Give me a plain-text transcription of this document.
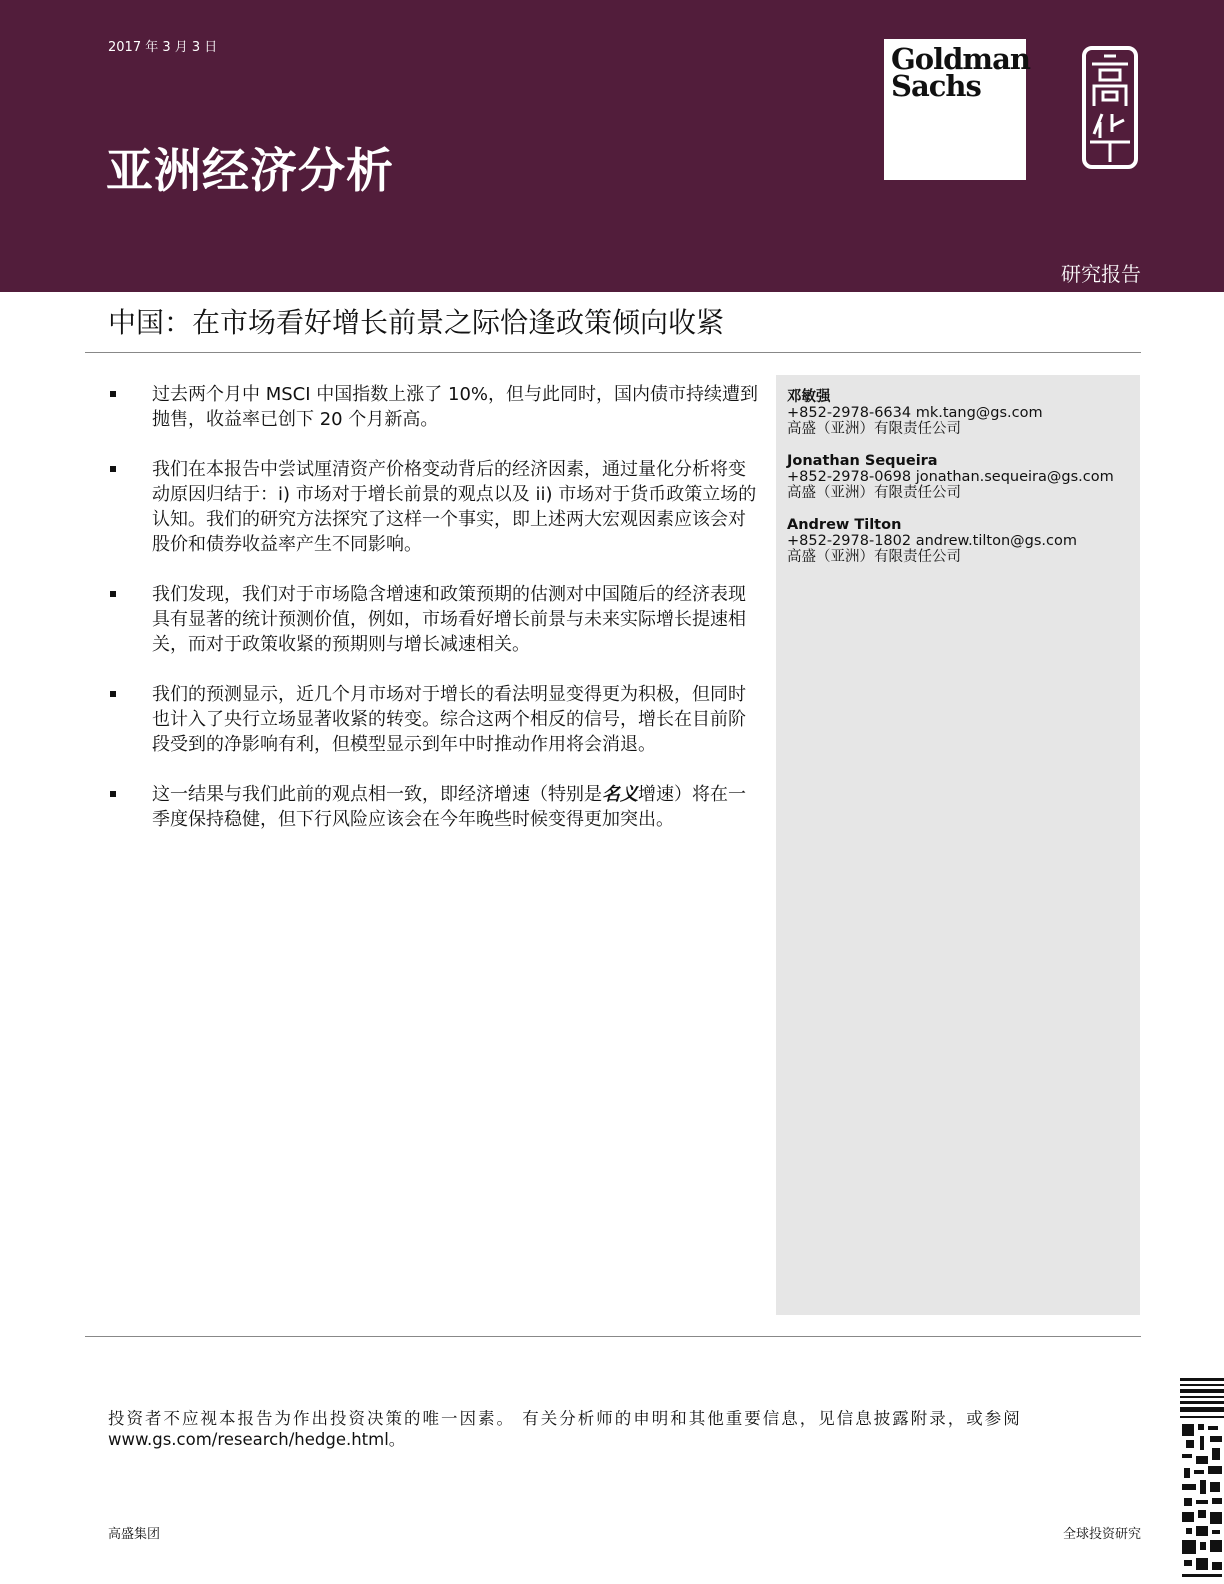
2017 年 3 月 3 日
亚洲经济分析
Goldman
Sachs
研究报告
中国：在市场看好增长前景之际恰逢政策倾向收紧
过去两个月中 MSCI 中国指数上涨了 10%，但与此同时，国内债市持续遭到抛售，收益率已创下 20 个月新高。
我们在本报告中尝试厘清资产价格变动背后的经济因素，通过量化分析将变动原因归结于：i) 市场对于增长前景的观点以及 ii) 市场对于货币政策立场的认知。我们的研究方法探究了这样一个事实，即上述两大宏观因素应该会对股价和债券收益率产生不同影响。
我们发现，我们对于市场隐含增速和政策预期的估测对中国随后的经济表现具有显著的统计预测价值，例如，市场看好增长前景与未来实际增长提速相关，而对于政策收紧的预期则与增长减速相关。
我们的预测显示，近几个月市场对于增长的看法明显变得更为积极，但同时也计入了央行立场显著收紧的转变。综合这两个相反的信号，增长在目前阶段受到的净影响有利，但模型显示到年中时推动作用将会消退。
这一结果与我们此前的观点相一致，即经济增速（特别是名义增速）将在一季度保持稳健，但下行风险应该会在今年晚些时候变得更加突出。
邓敏强
+852-2978-6634 mk.tang@gs.com
高盛（亚洲）有限责任公司
Jonathan Sequeira
+852-2978-0698 jonathan.sequeira@gs.com
高盛（亚洲）有限责任公司
Andrew Tilton
+852-2978-1802 andrew.tilton@gs.com
高盛（亚洲）有限责任公司
投资者不应视本报告为作出投资决策的唯一因素。 有关分析师的申明和其他重要信息，见信息披露附录，或参阅
www.gs.com/research/hedge.html。
高盛集团	全球投资研究
